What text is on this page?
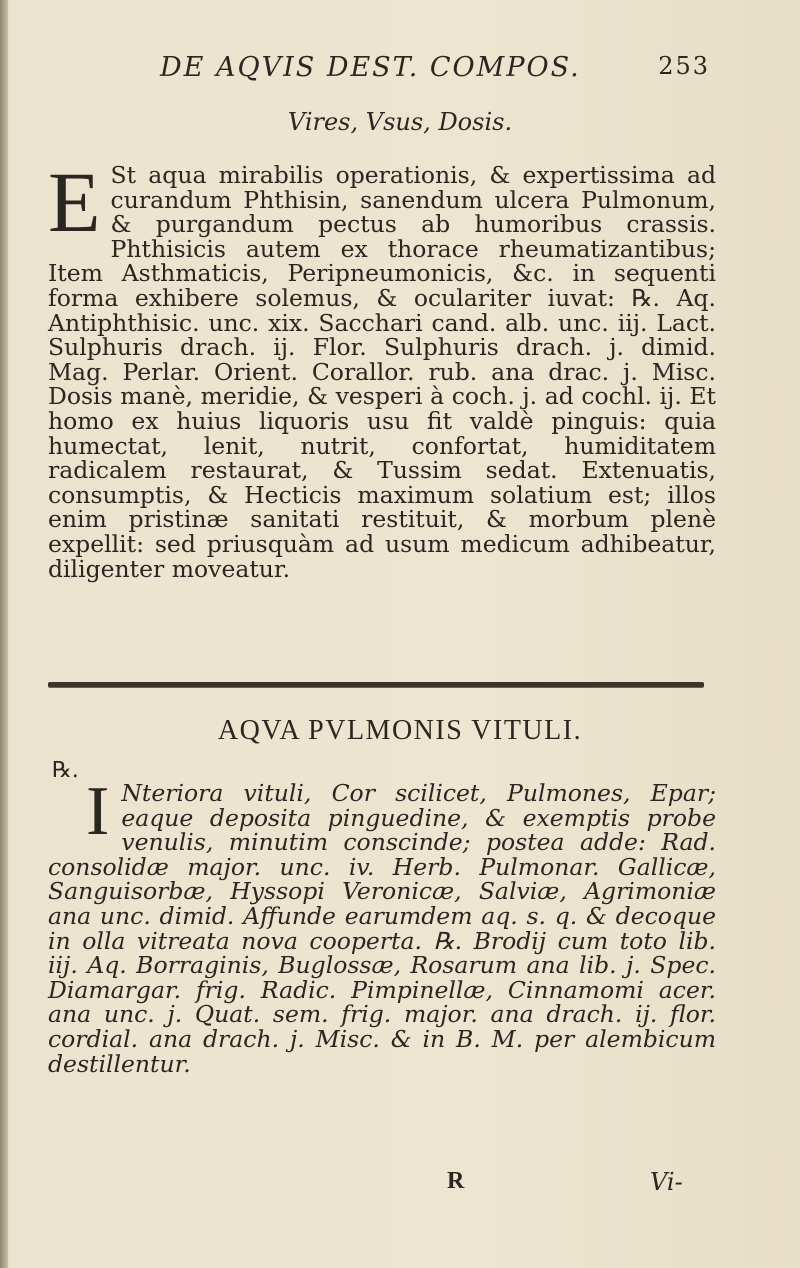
DE AQVIS DEST. COMPOS.	253
Vires, Vsus, Dosis.
E St aqua mirabilis operationis, & expertissima ad curandum Phthisin, sanendum ulcera Pulmonum, & purgandum pectus ab humoribus crassis. Phthisicis autem ex thorace rheumatizantibus; Item Asthmaticis, Peripneumonicis, &c. in sequenti forma exhibere solemus, & oculariter iuvat: ℞. Aq. Antiphthisic. unc. xix. Sacchari cand. alb. unc. iij. Lact. Sulphuris drach. ij. Flor. Sulphuris drach. j. dimid. Mag. Perlar. Orient. Corallor. rub. ana drac. j. Misc. Dosis manè, meridie, & vesperi à coch. j. ad cochl. ij. Et homo ex huius liquoris usu fit valdè pinguis: quia humectat, lenit, nutrit, confortat, humiditatem radicalem restaurat, & Tussim sedat. Extenuatis, consumptis, & Hecticis maximum solatium est; illos enim pristinæ sanitati restituit, & morbum plenè expellit: sed priusquàm ad usum medicum adhibeatur, diligenter moveatur.
AQVA PVLMONIS VITULI.
℞.
I Nteriora vituli, Cor scilicet, Pulmones, Epar; eaque deposita pinguedine, & exemptis probe venulis, minutim conscinde; postea adde: Rad. consolidæ major. unc. iv. Herb. Pulmonar. Gallicæ, Sanguisorbæ, Hyssopi Veronicæ, Salviæ, Agrimoniæ ana unc. dimid. Affunde earumdem aq. s. q. & decoque in olla vitreata nova cooperta. ℞. Brodij cum toto lib. iij. Aq. Borraginis, Buglossæ, Rosarum ana lib. j. Spec. Diamargar. frig. Radic. Pimpinellæ, Cinnamomi acer. ana unc. j. Quat. sem. frig. major. ana drach. ij. flor. cordial. ana drach. j. Misc. & in B. M. per alembicum destillentur.
R	Vi-
